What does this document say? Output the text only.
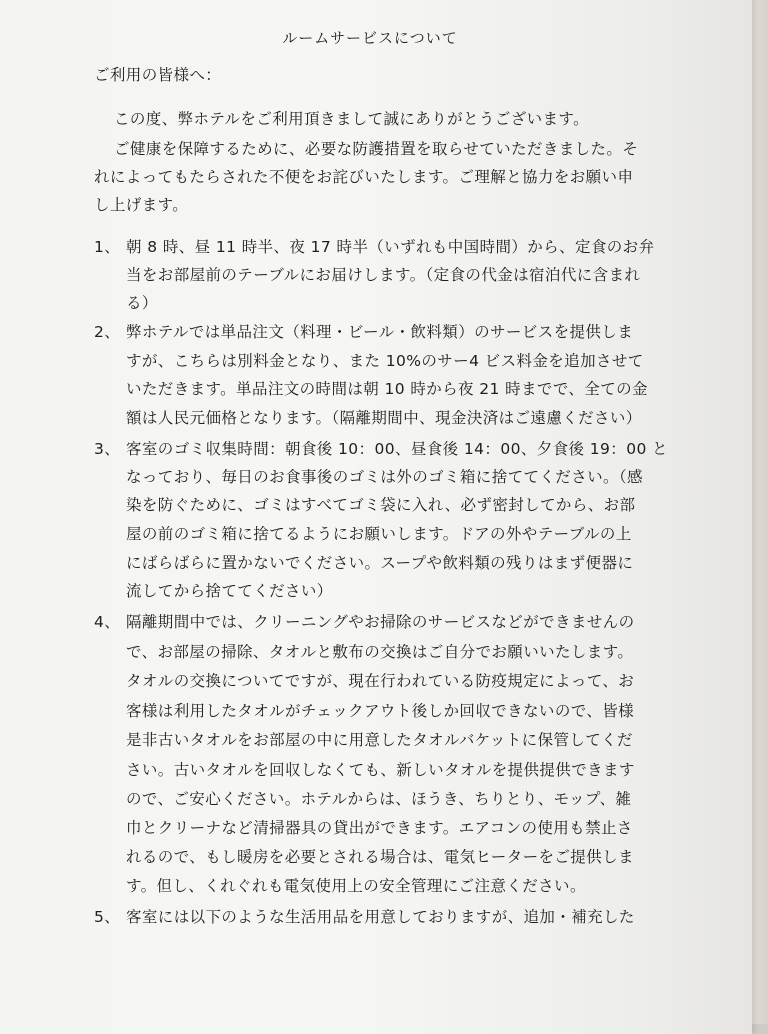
ルームサービスについて
ご利用の皆様へ：
この度、弊ホテルをご利用頂きまして誠にありがとうございます。
ご健康を保障するために、必要な防護措置を取らせていただきました。そ
れによってもたらされた不便をお詫びいたします。ご理解と協力をお願い申
し上げます。
1、 朝 8 時、昼 11 時半、夜 17 時半（いずれも中国時間）から、定食のお弁
当をお部屋前のテーブルにお届けします。（定食の代金は宿泊代に含まれ
る）
2、 弊ホテルでは単品注文（料理・ビール・飲料類）のサービスを提供しま
すが、こちらは別料金となり、また 10%のサー4 ビス料金を追加させて
いただきます。単品注文の時間は朝 10 時から夜 21 時までで、全ての金
額は人民元価格となります。（隔離期間中、現金決済はご遠慮ください）
3、 客室のゴミ収集時間：朝食後 10：00、昼食後 14：00、夕食後 19：00 と
なっており、毎日のお食事後のゴミは外のゴミ箱に捨ててください。（感
染を防ぐために、ゴミはすべてゴミ袋に入れ、必ず密封してから、お部
屋の前のゴミ箱に捨てるようにお願いします。ドアの外やテーブルの上
にばらばらに置かないでください。スープや飲料類の残りはまず便器に
流してから捨ててください）
4、 隔離期間中では、クリーニングやお掃除のサービスなどができませんの
で、お部屋の掃除、タオルと敷布の交換はご自分でお願いいたします。
タオルの交換についてですが、現在行われている防疫規定によって、お
客様は利用したタオルがチェックアウト後しか回収できないので、皆様
是非古いタオルをお部屋の中に用意したタオルバケットに保管してくだ
さい。古いタオルを回収しなくても、新しいタオルを提供提供できます
ので、ご安心ください。ホテルからは、ほうき、ちりとり、モップ、雑
巾とクリーナなど清掃器具の貸出ができます。エアコンの使用も禁止さ
れるので、もし暖房を必要とされる場合は、電気ヒーターをご提供しま
す。但し、くれぐれも電気使用上の安全管理にご注意ください。
5、 客室には以下のような生活用品を用意しておりますが、追加・補充した
